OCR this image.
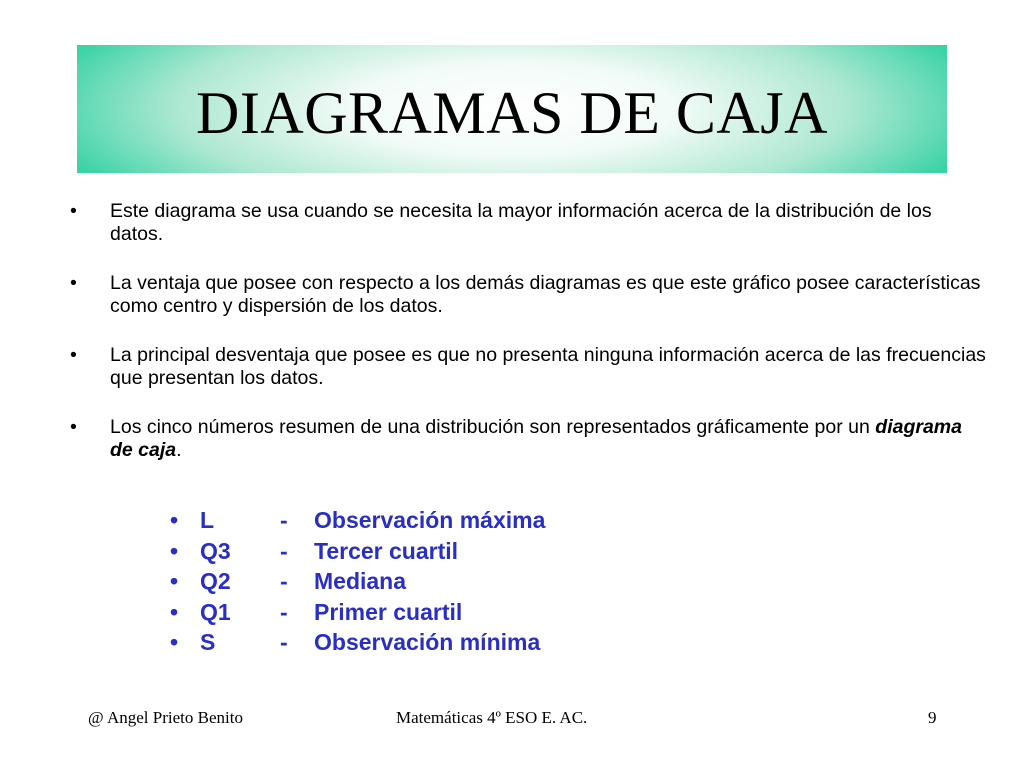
DIAGRAMAS DE CAJA
• Este diagrama se usa cuando se necesita la mayor información acerca de la distribución de los datos.
• La ventaja que posee con respecto a los demás diagramas es que este gráfico posee características como centro y dispersión de los datos.
• La principal desventaja que posee es que no presenta ninguna información acerca de las frecuencias que presentan los datos.
• Los cinco números resumen de una distribución son representados gráficamente por un diagrama de caja.
• L	-	Observación máxima
• Q3	-	Tercer cuartil
• Q2	-	Mediana
• Q1	-	Primer cuartil
• S	-	Observación mínima
@ Angel Prieto Benito	Matemáticas 4º ESO E. AC.	9
